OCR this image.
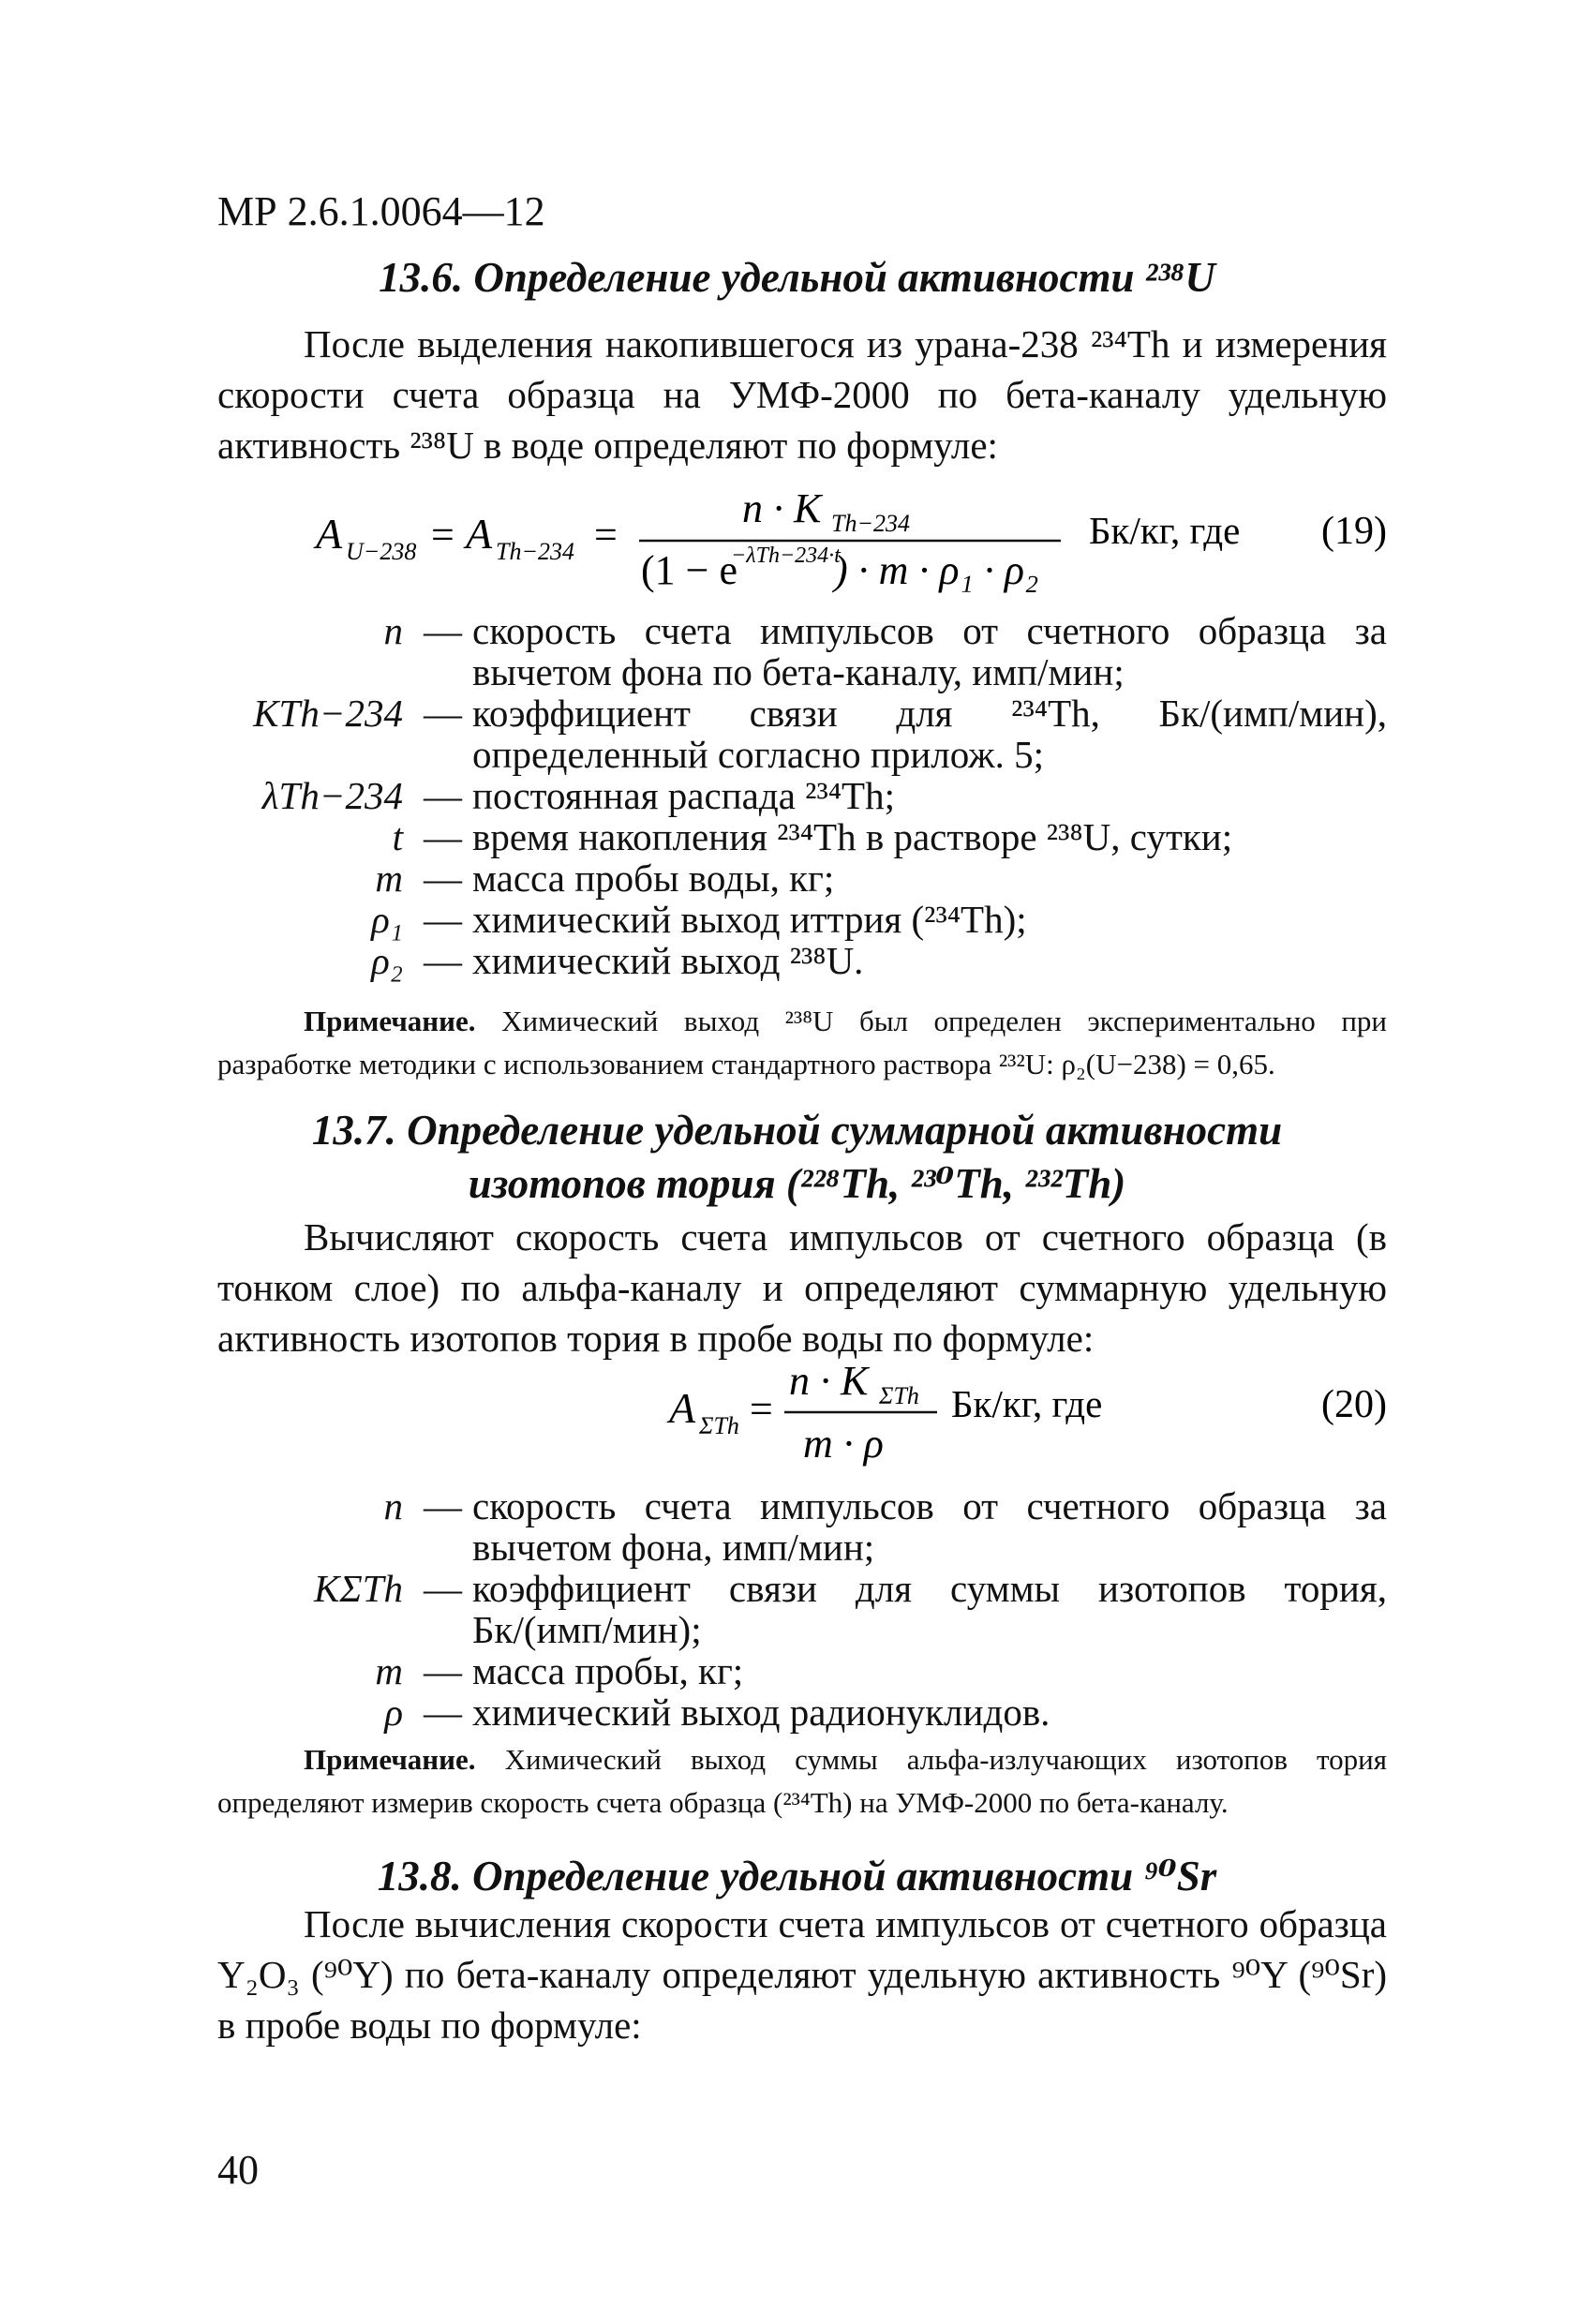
МР 2.6.1.0064—12
13.6. Определение удельной активности ²³⁸U
После выделения накопившегося из урана-238 ²³⁴Th и измерения скорости счета образца на УМФ-2000 по бета-каналу удельную активность ²³⁸U в воде определяют по формуле:
A U−238 = A Th−234 =
n · K Th−234
(1 − e
−λTh−234·t
) · m · ρ₁ · ρ₂
Бк/кг, где (19)
n — скорость счета импульсов от счетного образца за вычетом фона по бета-каналу, имп/мин;
KTh−234 — коэффициент связи для ²³⁴Th, Бк/(имп/мин), определенный согласно прилож. 5;
λTh−234 — постоянная распада ²³⁴Th;
t — время накопления ²³⁴Th в растворе ²³⁸U, сутки;
m — масса пробы воды, кг;
ρ₁ — химический выход иттрия (²³⁴Th);
ρ₂ — химический выход ²³⁸U.
Примечание. Химический выход ²³⁸U был определен экспериментально при разработке методики с использованием стандартного раствора ²³²U: ρ₂(U−238) = 0,65.
13.7. Определение удельной суммарной активности
изотопов тория (²²⁸Th, ²³⁰Th, ²³²Th)
Вычисляют скорость счета импульсов от счетного образца (в тонком слое) по альфа-каналу и определяют суммарную удельную активность изотопов тория в пробе воды по формуле:
A ΣTh =
n · K ΣTh
m · ρ
Бк/кг, где	(20)
n — скорость счета импульсов от счетного образца за вычетом фона, имп/мин;
KΣTh — коэффициент связи для суммы изотопов тория, Бк/(имп/мин);
m — масса пробы, кг;
ρ — химический выход радионуклидов.
Примечание. Химический выход суммы альфа-излучающих изотопов тория определяют измерив скорость счета образца (²³⁴Th) на УМФ-2000 по бета-каналу.
13.8. Определение удельной активности ⁹⁰Sr
После вычисления скорости счета импульсов от счетного образца Y₂O₃ (⁹⁰Y) по бета-каналу определяют удельную активность ⁹⁰Y (⁹⁰Sr) в пробе воды по формуле:
40
